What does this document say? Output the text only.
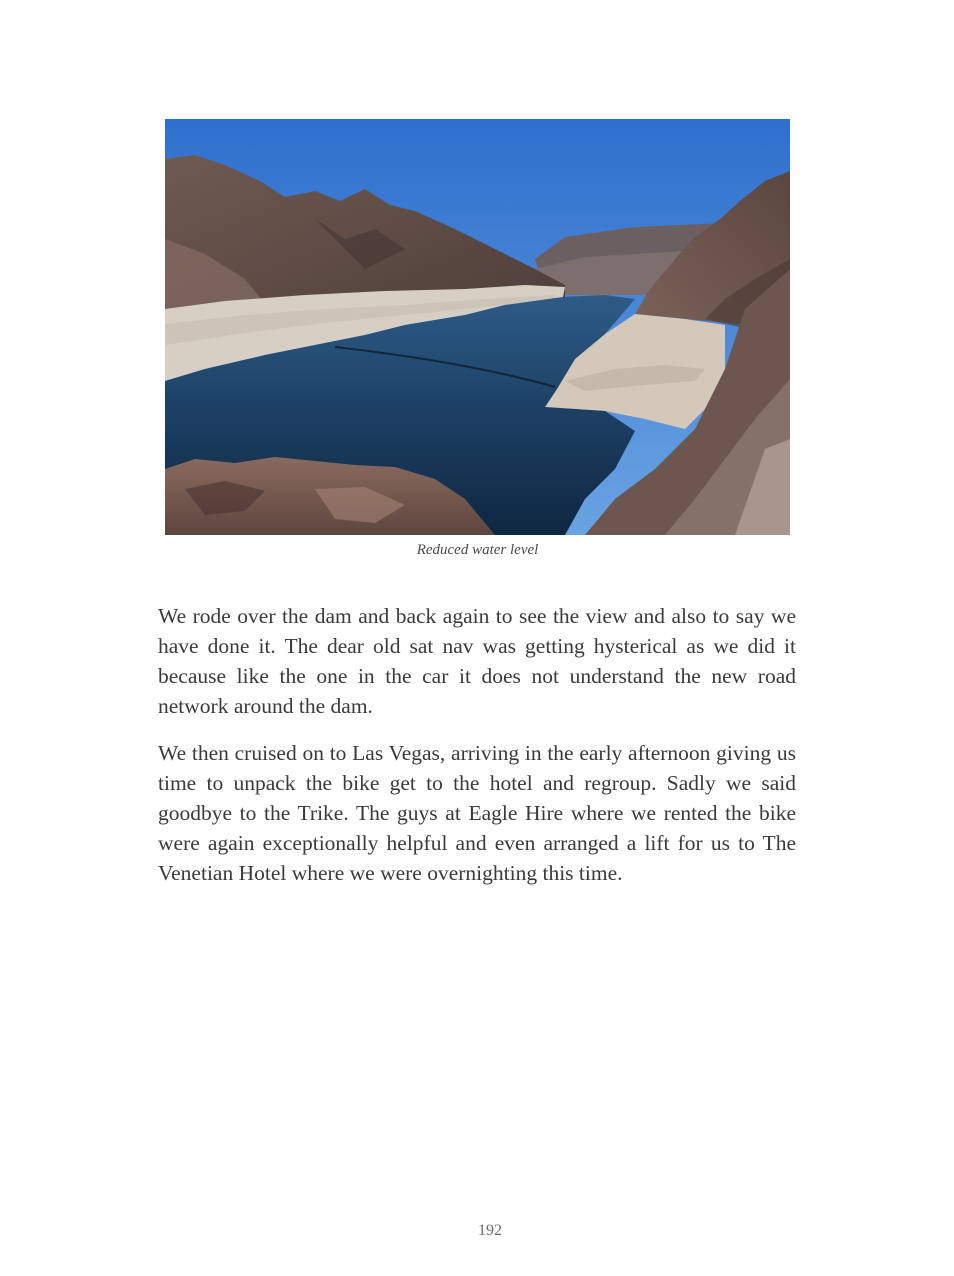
Reduced water level

We rode over the dam and back again to see the view and also to say we have done it. The dear old sat nav was getting hysterical as we did it because like the one in the car it does not understand the new road network around the dam.

We then cruised on to Las Vegas, arriving in the early afternoon giving us time to unpack the bike get to the hotel and regroup. Sadly we said goodbye to the Trike. The guys at Eagle Hire where we rented the bike were again exceptionally helpful and even arranged a lift for us to The Venetian Hotel where we were overnighting this time.

192
